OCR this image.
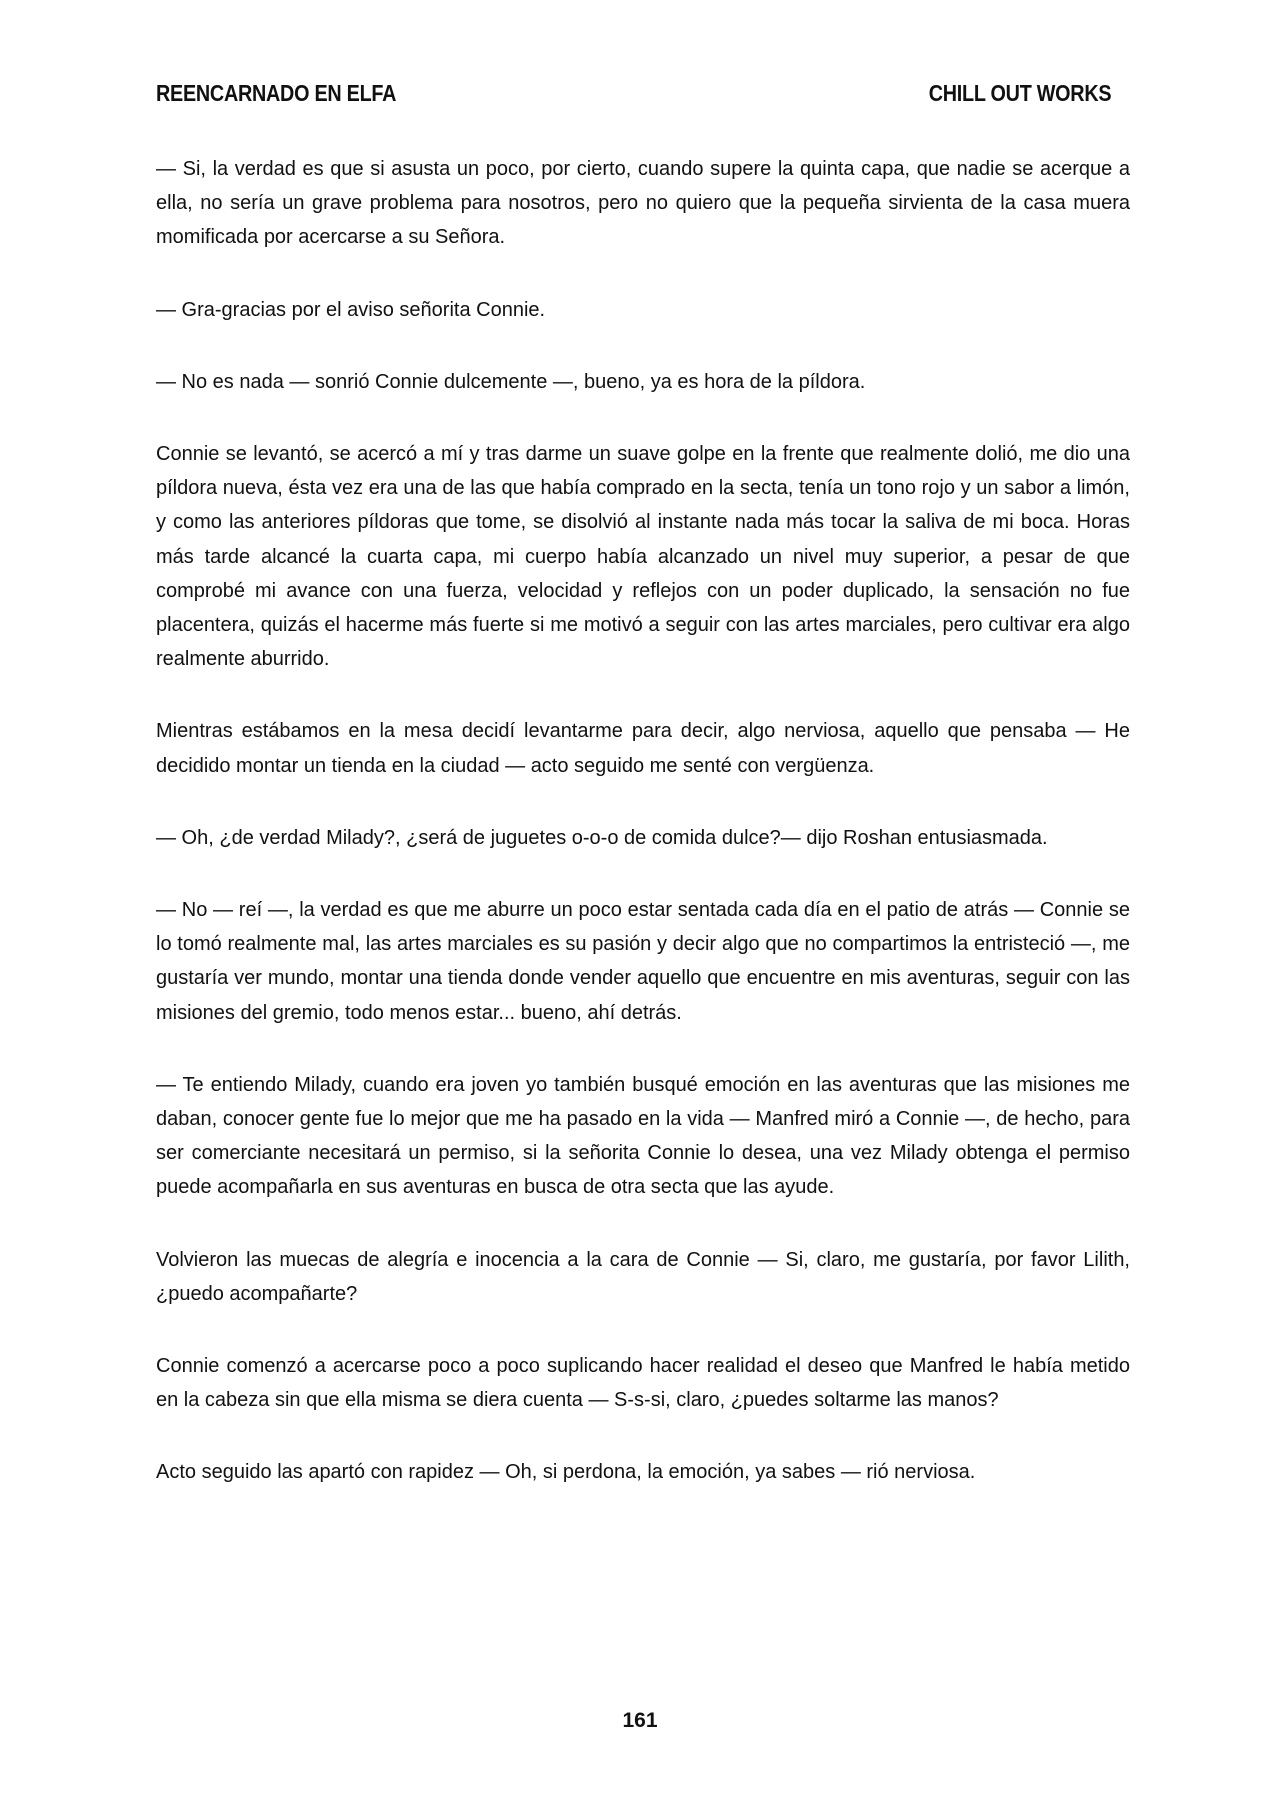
REENCARNADO EN ELFA	CHILL OUT WORKS

— Si, la verdad es que si asusta un poco, por cierto, cuando supere la quinta capa, que nadie se acerque a ella, no sería un grave problema para nosotros, pero no quiero que la pequeña sirvienta de la casa muera momificada por acercarse a su Señora.

— Gra-gracias por el aviso señorita Connie.

— No es nada — sonrió Connie dulcemente —, bueno, ya es hora de la píldora.

Connie se levantó, se acercó a mí y tras darme un suave golpe en la frente que realmente dolió, me dio una píldora nueva, ésta vez era una de las que había comprado en la secta, tenía un tono rojo y un sabor a limón, y como las anteriores píldoras que tome, se disolvió al instante nada más tocar la saliva de mi boca. Horas más tarde alcancé la cuarta capa, mi cuerpo había alcanzado un nivel muy superior, a pesar de que comprobé mi avance con una fuerza, velocidad y reflejos con un poder duplicado, la sensación no fue placentera, quizás el hacerme más fuerte si me motivó a seguir con las artes marciales, pero cultivar era algo realmente aburrido.

Mientras estábamos en la mesa decidí levantarme para decir, algo nerviosa, aquello que pensaba — He decidido montar un tienda en la ciudad — acto seguido me senté con vergüenza.

— Oh, ¿de verdad Milady?, ¿será de juguetes o-o-o de comida dulce?— dijo Roshan entusiasmada.

— No — reí —, la verdad es que me aburre un poco estar sentada cada día en el patio de atrás — Connie se lo tomó realmente mal, las artes marciales es su pasión y decir algo que no compartimos la entristeció —, me gustaría ver mundo, montar una tienda donde vender aquello que encuentre en mis aventuras, seguir con las misiones del gremio, todo menos estar... bueno, ahí detrás.

— Te entiendo Milady, cuando era joven yo también busqué emoción en las aventuras que las misiones me daban, conocer gente fue lo mejor que me ha pasado en la vida — Manfred miró a Connie —, de hecho, para ser comerciante necesitará un permiso, si la señorita Connie lo desea, una vez Milady obtenga el permiso puede acompañarla en sus aventuras en busca de otra secta que las ayude.

Volvieron las muecas de alegría e inocencia a la cara de Connie — Si, claro, me gustaría, por favor Lilith, ¿puedo acompañarte?

Connie comenzó a acercarse poco a poco suplicando hacer realidad el deseo que Manfred le había metido en la cabeza sin que ella misma se diera cuenta — S-s-si, claro, ¿puedes soltarme las manos?

Acto seguido las apartó con rapidez — Oh, si perdona, la emoción, ya sabes — rió nerviosa.

161
